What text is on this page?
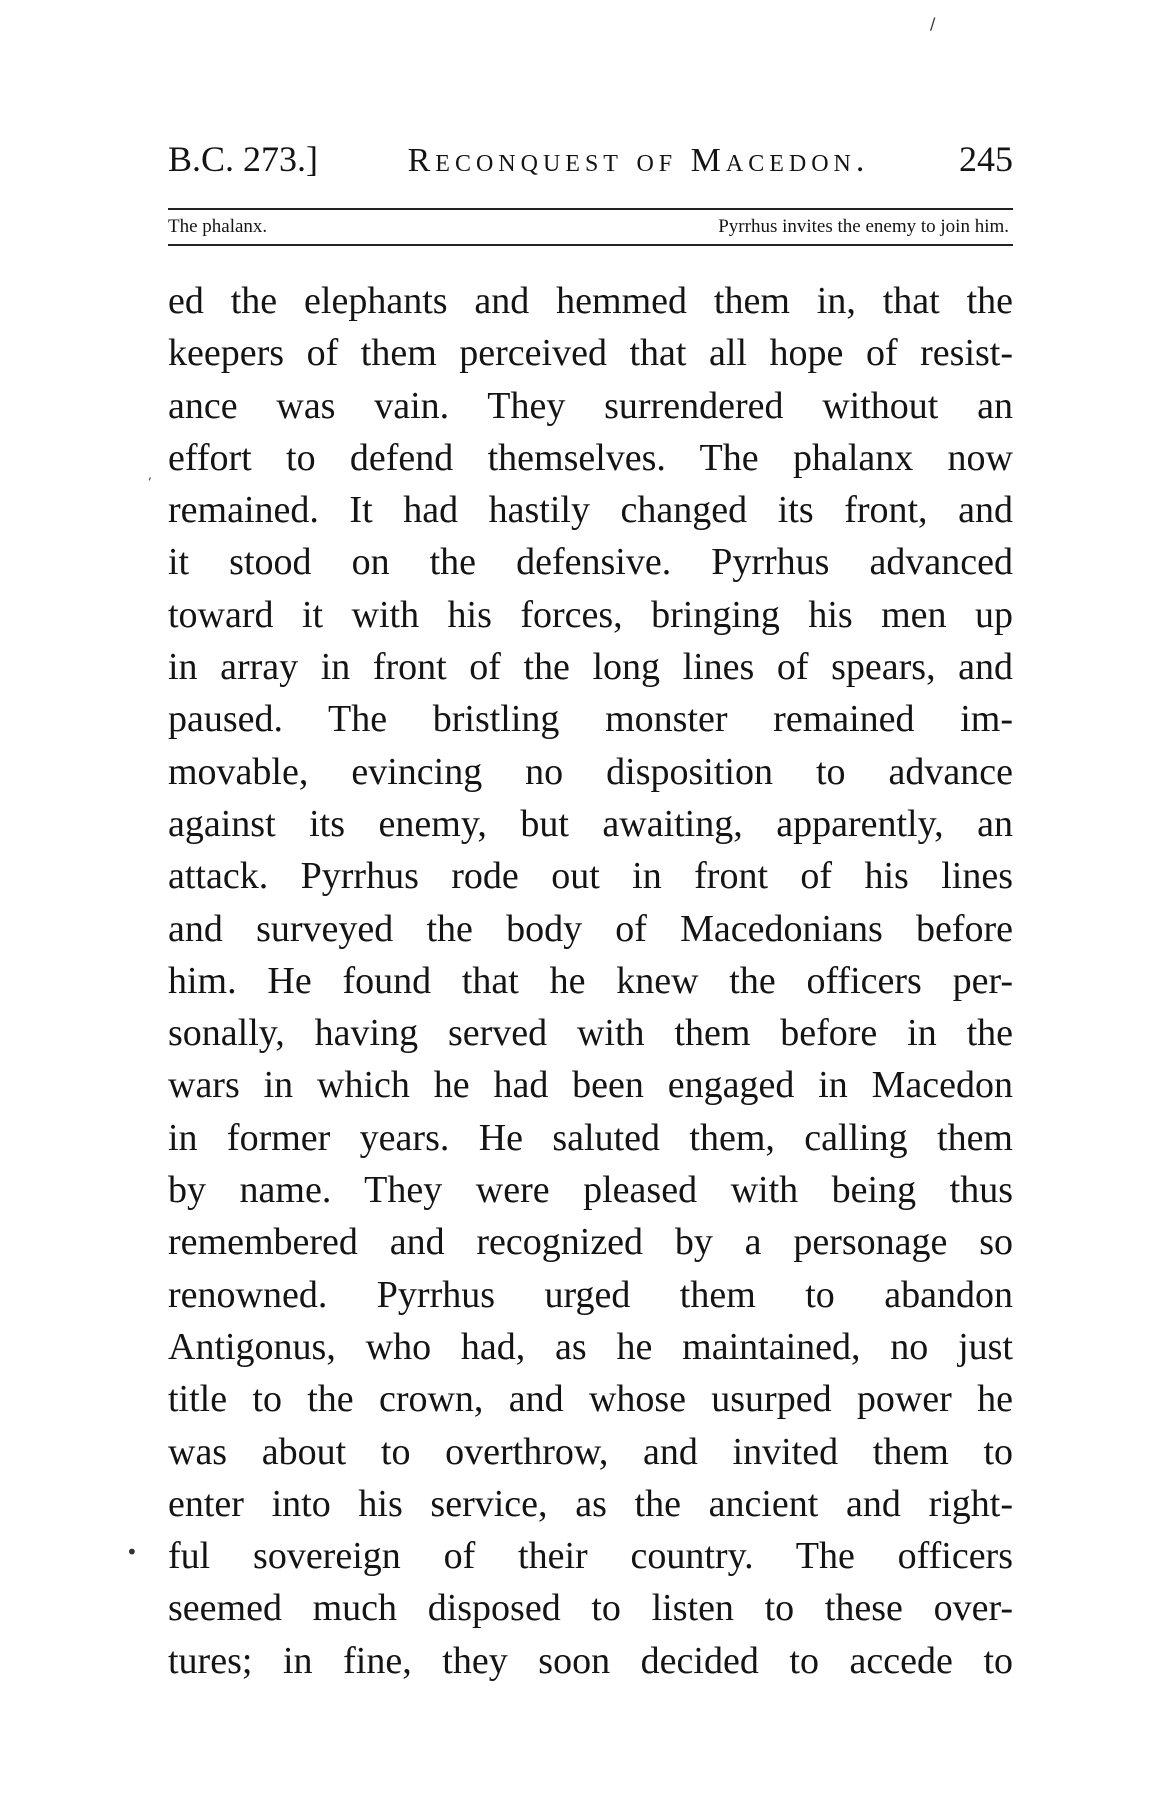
/
,
•
B.C. 273.]	Reconquest of Macedon. 245
The phalanx.	Pyrrhus invites the enemy to join him.
ed the elephants and hemmed them in, that the
keepers of them perceived that all hope of resist-
ance was vain. They surrendered without an
effort to defend themselves. The phalanx now
remained. It had hastily changed its front, and
it stood on the defensive. Pyrrhus advanced
toward it with his forces, bringing his men up
in array in front of the long lines of spears, and
paused. The bristling monster remained im-
movable, evincing no disposition to advance
against its enemy, but awaiting, apparently, an
attack. Pyrrhus rode out in front of his lines
and surveyed the body of Macedonians before
him. He found that he knew the officers per-
sonally, having served with them before in the
wars in which he had been engaged in Macedon
in former years. He saluted them, calling them
by name. They were pleased with being thus
remembered and recognized by a personage so
renowned. Pyrrhus urged them to abandon
Antigonus, who had, as he maintained, no just
title to the crown, and whose usurped power he
was about to overthrow, and invited them to
enter into his service, as the ancient and right-
ful sovereign of their country. The officers
seemed much disposed to listen to these over-
tures; in fine, they soon decided to accede to
